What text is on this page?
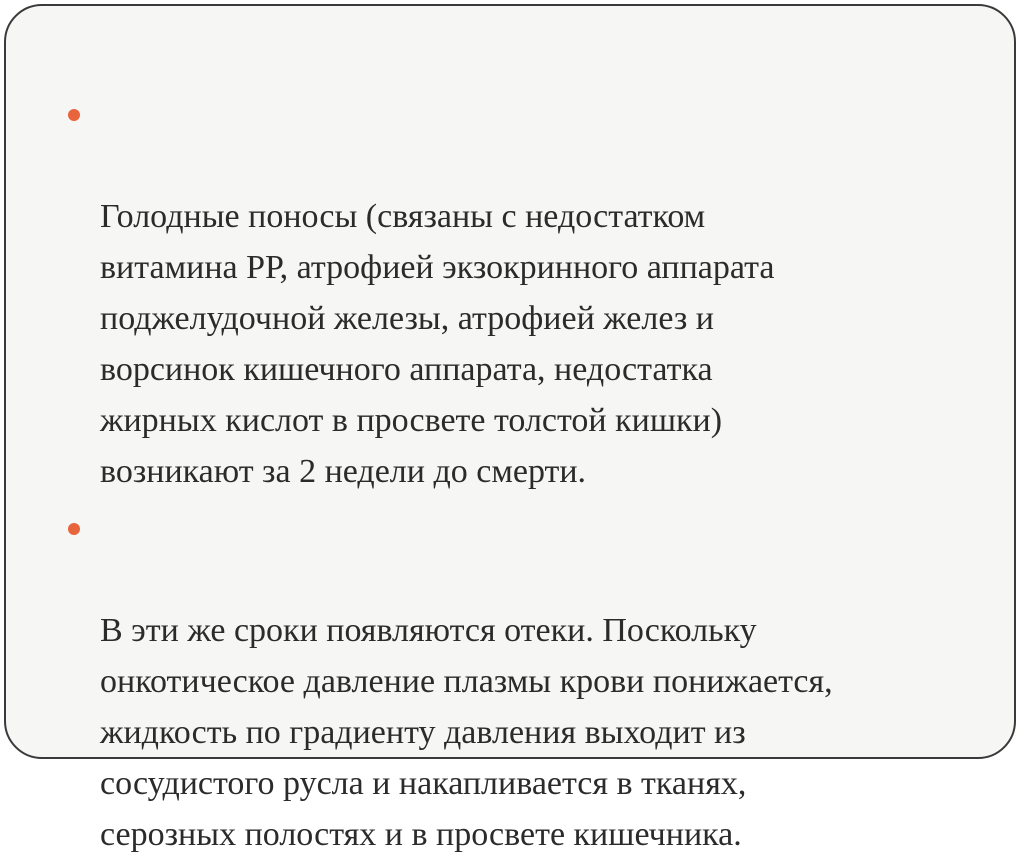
Голодные поносы (связаны с недостатком
витамина РР, атрофией экзокринного аппарата
поджелудочной железы, атрофией желез и
ворсинок кишечного аппарата, недостатка
жирных кислот в просвете толстой кишки)
возникают за 2 недели до смерти.

В эти же сроки появляются отеки. Поскольку
онкотическое давление плазмы крови понижается,
жидкость по градиенту давления выходит из
сосудистого русла и накапливается в тканях,
серозных полостях и в просвете кишечника.
